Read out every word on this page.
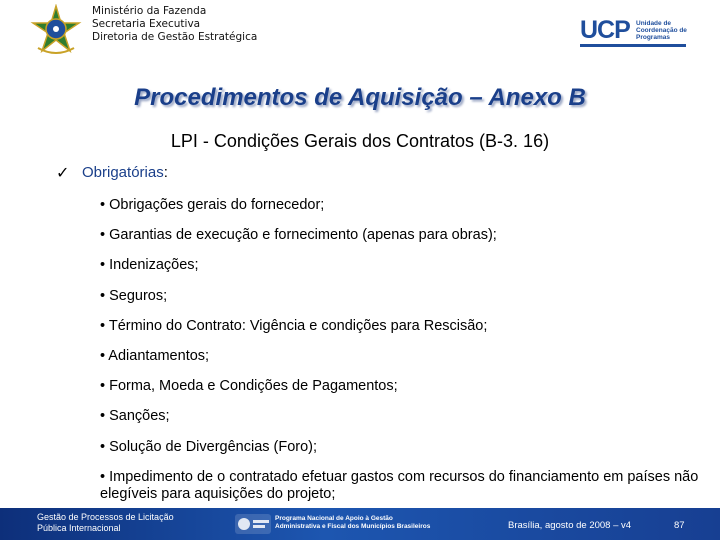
Ministério da Fazenda
Secretaria Executiva
Diretoria de Gestão Estratégica	UCP Unidade de Coordenação de Programas
Procedimentos de Aquisição – Anexo B
LPI - Condições Gerais dos Contratos (B-3. 16)
✓ Obrigatórias:
• Obrigações gerais do fornecedor;
• Garantias de execução e fornecimento (apenas para obras);
• Indenizações;
• Seguros;
• Término do Contrato: Vigência e condições para Rescisão;
• Adiantamentos;
• Forma, Moeda e Condições de Pagamentos;
• Sanções;
• Solução de Divergências (Foro);
• Impedimento de o contratado efetuar gastos com recursos do financiamento em países não elegíveis para aquisições do projeto;
Gestão de Processos de Licitação
Pública Internacional
Programa Nacional de Apoio à Gestão
Administrativa e Fiscal dos Municípios Brasileiros	Brasília, agosto de 2008 – v4	87
